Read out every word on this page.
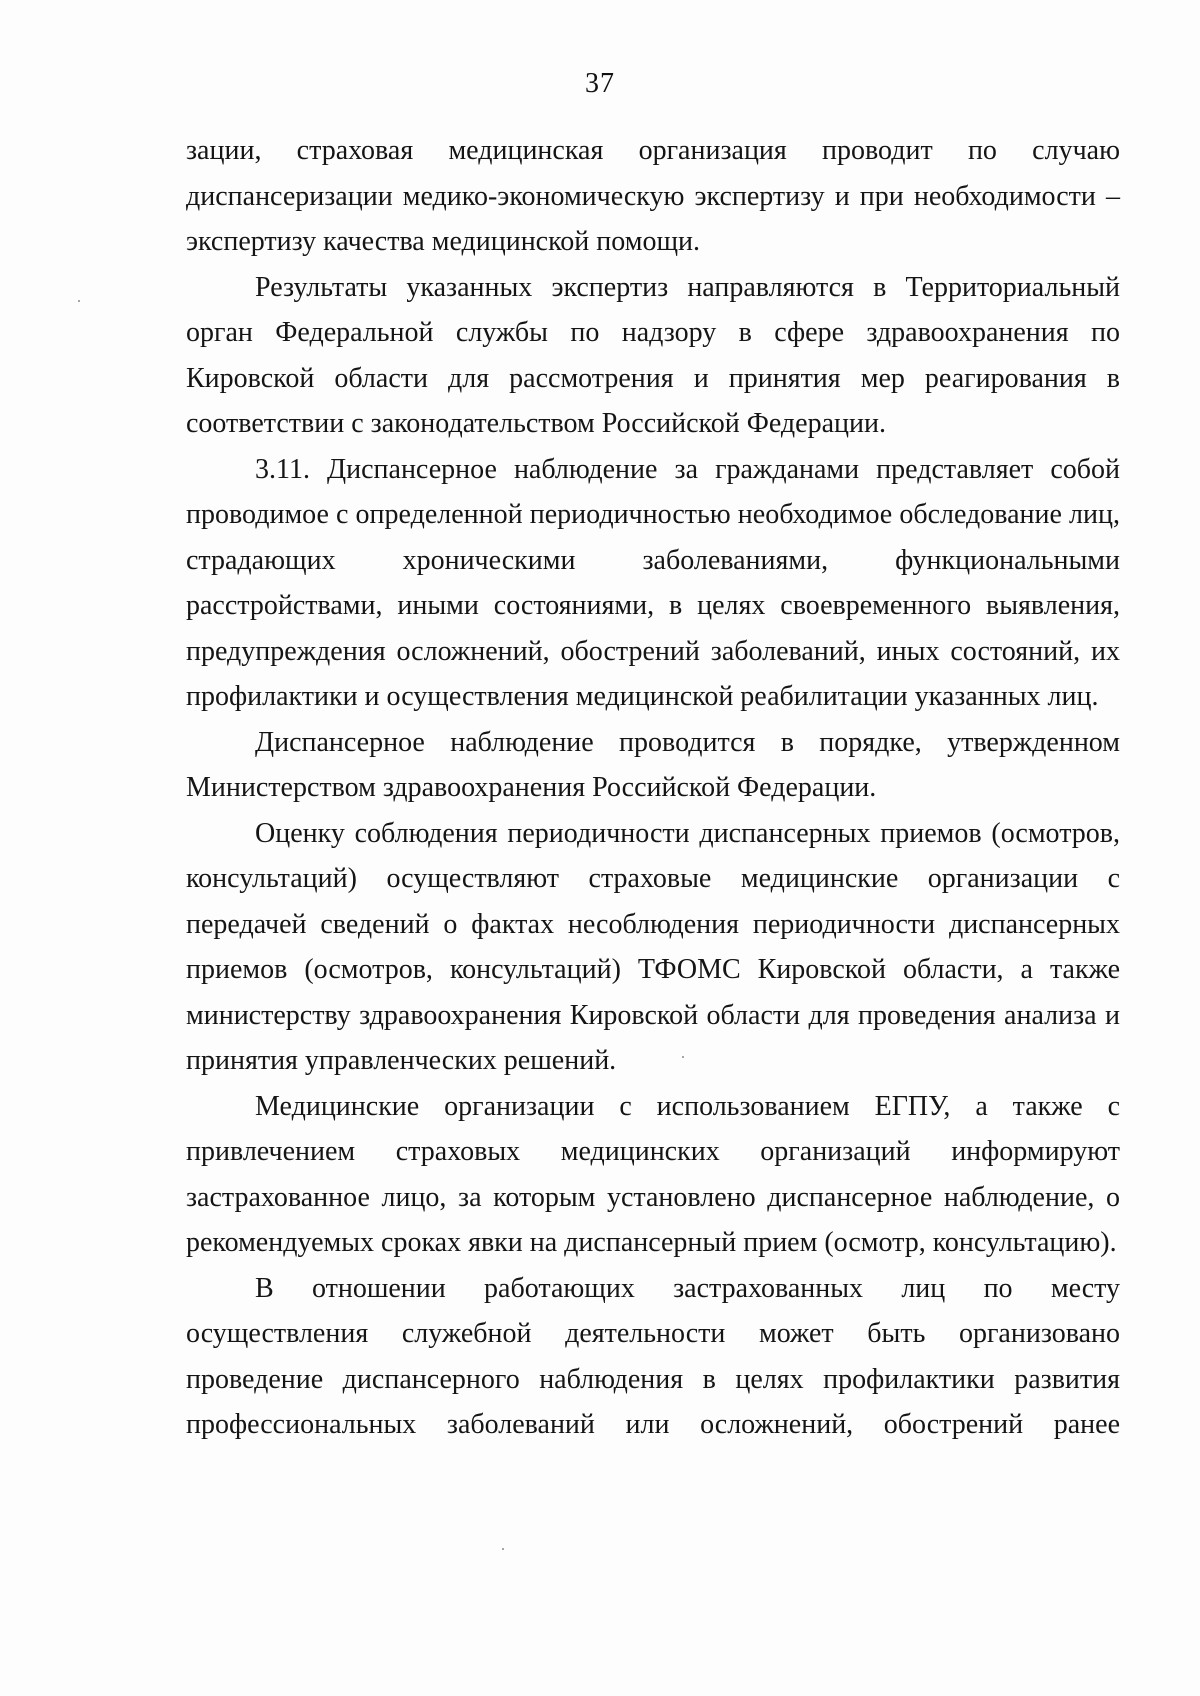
37

зации, страховая медицинская организация проводит по случаю диспансеризации медико-экономическую экспертизу и при необходимости – экспертизу качества медицинской помощи.

Результаты указанных экспертиз направляются в Территориальный орган Федеральной службы по надзору в сфере здравоохранения по Кировской области для рассмотрения и принятия мер реагирования в соответствии с законодательством Российской Федерации.

3.11. Диспансерное наблюдение за гражданами представляет собой проводимое с определенной периодичностью необходимое обследование лиц, страдающих хроническими заболеваниями, функциональными расстройствами, иными состояниями, в целях своевременного выявления, предупреждения осложнений, обострений заболеваний, иных состояний, их профилактики и осуществления медицинской реабилитации указанных лиц.

Диспансерное наблюдение проводится в порядке, утвержденном Министерством здравоохранения Российской Федерации.

Оценку соблюдения периодичности диспансерных приемов (осмотров, консультаций) осуществляют страховые медицинские организации с передачей сведений о фактах несоблюдения периодичности диспансерных приемов (осмотров, консультаций) ТФОМС Кировской области, а также министерству здравоохранения Кировской области для проведения анализа и принятия управленческих решений.

Медицинские организации с использованием ЕГПУ, а также с привлечением страховых медицинских организаций информируют застрахованное лицо, за которым установлено диспансерное наблюдение, о рекомендуемых сроках явки на диспансерный прием (осмотр, консультацию).

В отношении работающих застрахованных лиц по месту осуществления служебной деятельности может быть организовано проведение диспансерного наблюдения в целях профилактики развития профессиональных заболеваний или осложнений, обострений ранее
